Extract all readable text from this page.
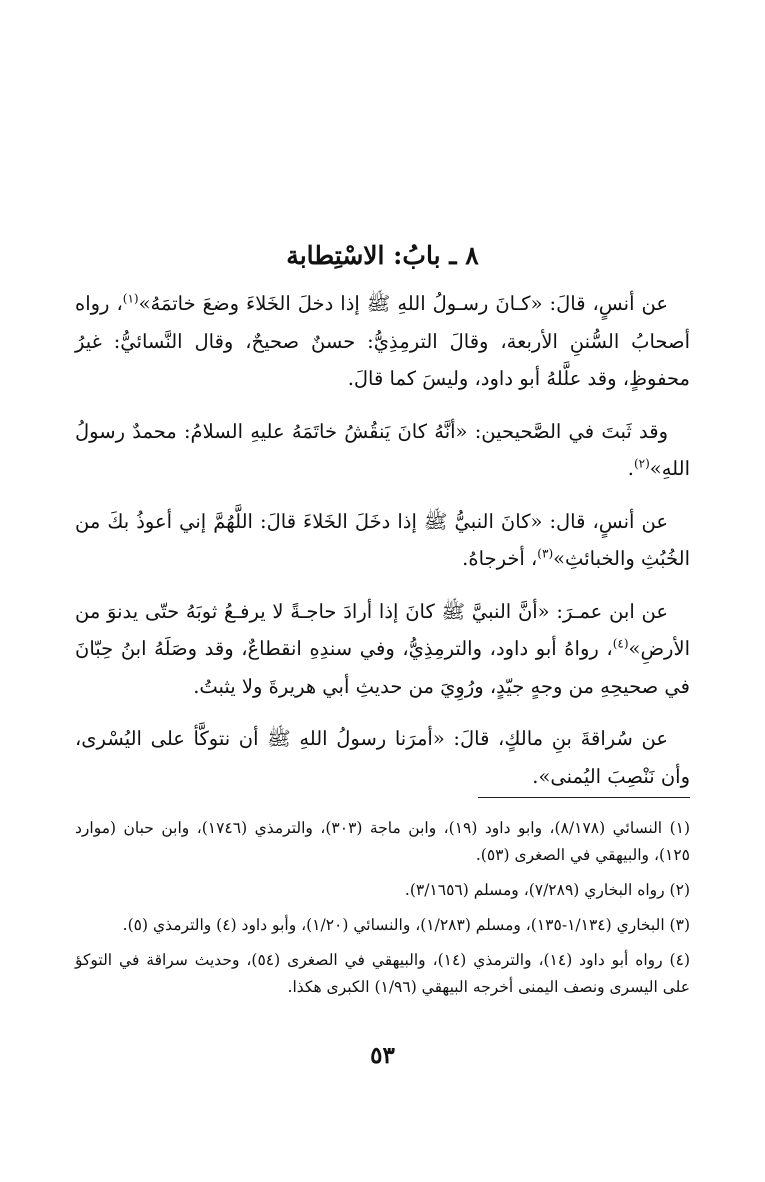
٨ ـ بابُ: الاسْتِطابة

عن أنسٍ، قالَ: «كـانَ رسـولُ اللهِ ﷺ إذا دخلَ الخَلاءَ وضعَ خاتمَهُ»$^{(١)}$، رواه أصحابُ السُّننِ الأربعة، وقالَ الترمِذِيُّ: حسنٌ صحيحٌ، وقال النَّسائيُّ: غيرُ محفوظٍ، وقد علَّلهُ أبو داود، وليسَ كما قالَ.

وقد ثَبتَ في الصَّحيحين: «أنَّهُ كانَ يَنقُشُ خاتَمَهُ عليهِ السلامُ: محمدٌ رسولُ اللهِ»$^{(٢)}$.

عن أنسٍ، قال: «كانَ النبيُّ ﷺ إذا دخَلَ الخَلاءَ قالَ: اللَّهُمَّ إني أعوذُ بكَ من الخُبُثِ والخبائثِ»$^{(٣)}$، أخرجاهُ.

عن ابن عمـرَ: «أنَّ النبيَّ ﷺ كانَ إذا أرادَ حاجـةً لا يرفـعُ ثوبَهُ حتّى يدنوَ من الأرضِ»$^{(٤)}$، رواهُ أبو داود، والترمِذِيُّ، وفي سندِهِ انقطاعٌ، وقد وصَلَهُ ابنُ حِبّانَ في صحيحِهِ من وجهٍ جيّدٍ، ورُوِيَ من حديثِ أبي هريرةَ ولا يثبتُ.

عن سُراقةَ بنِ مالكٍ، قالَ: «أمرَنا رسولُ اللهِ ﷺ أن نتوكَّأ على اليُسْرى، وأن نَنْصِبَ اليُمنى».

(١) النسائي (٨/١٧٨)، وابو داود (١٩)، وابن ماجة (٣٠٣)، والترمذي (١٧٤٦)، وابن حبان (موارد ١٢٥)، والبيهقي في الصغرى (٥٣).

(٢) رواه البخاري (٧/٢٨٩)، ومسلم (٣/١٦٥٦).

(٣) البخاري (١/١٣٤-١٣٥)، ومسلم (١/٢٨٣)، والنسائي (١/٢٠)، وأبو داود (٤) والترمذي (٥).

(٤) رواه أبو داود (١٤)، والترمذي (١٤)، والبيهقي في الصغرى (٥٤)، وحديث سراقة في التوكؤ على اليسرى ونصف اليمنى أخرجه البيهقي (١/٩٦) الكبرى هكذا.

٥٣
